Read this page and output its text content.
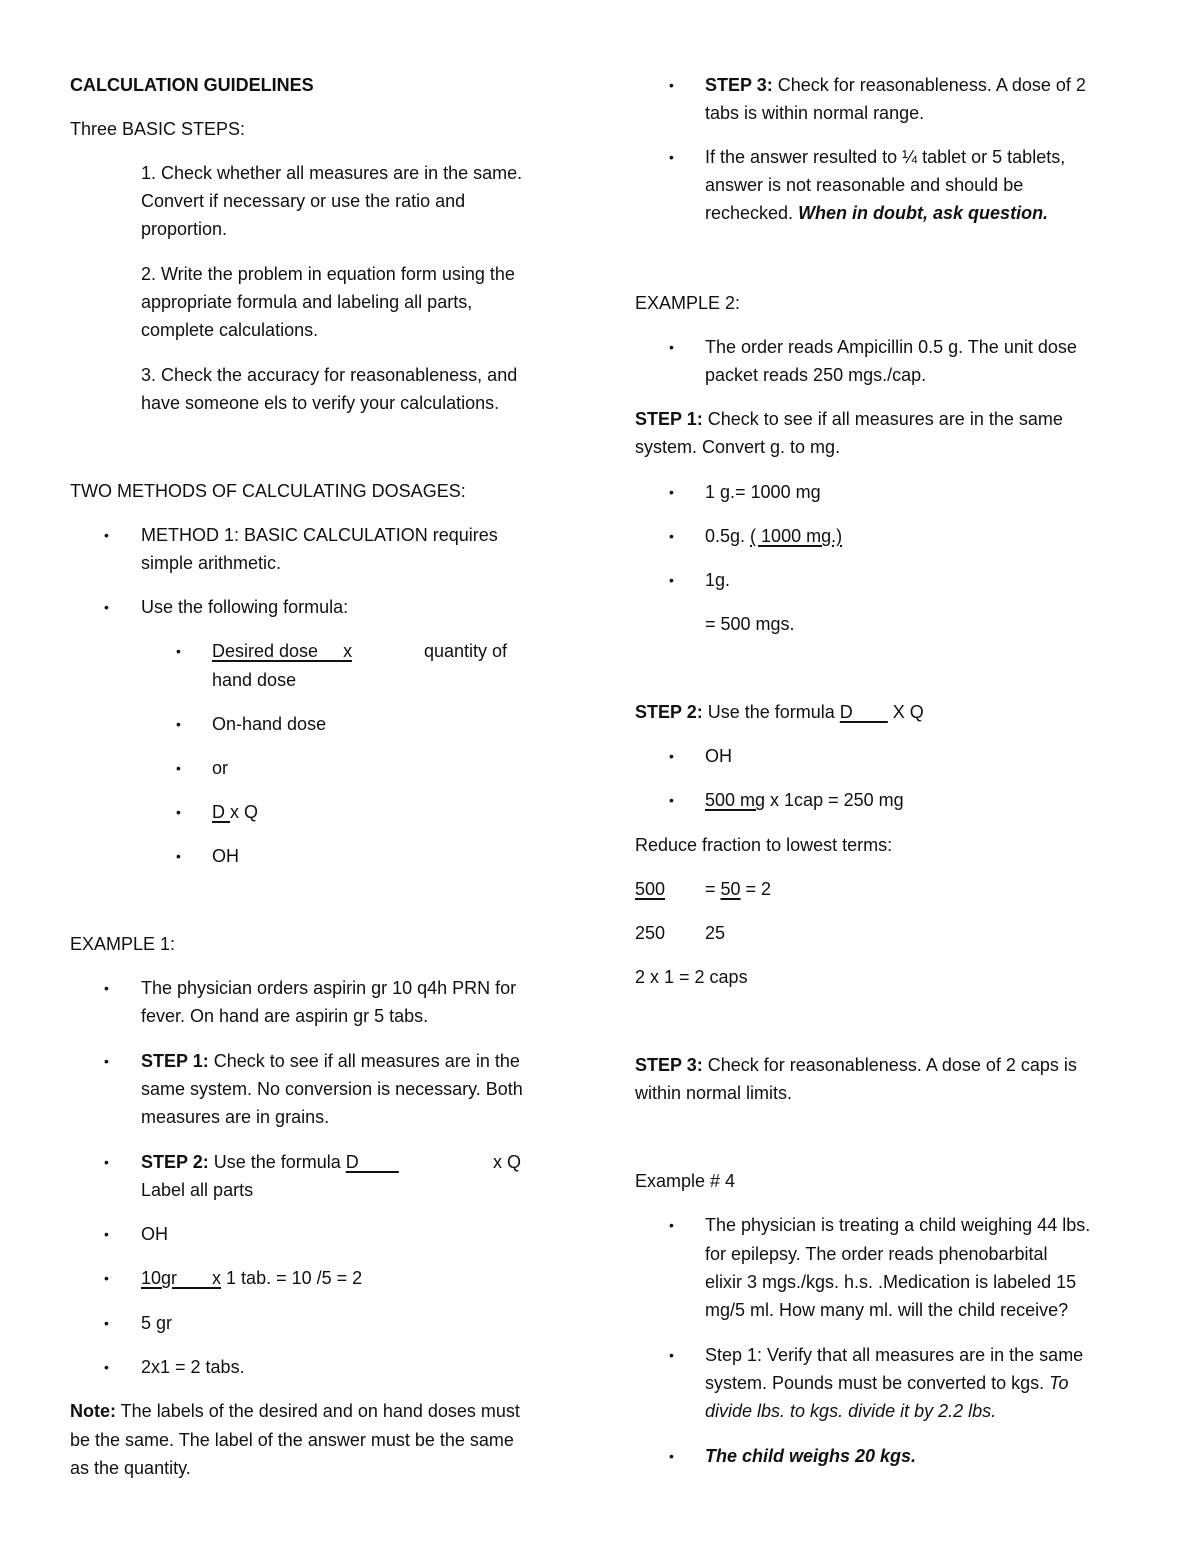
CALCULATION GUIDELINES
Three BASIC STEPS:
1. Check whether all measures are in the same.
Convert if necessary or use the ratio and
proportion.
2. Write the problem in equation form using the
appropriate formula and labeling all parts,
complete calculations.
3. Check the accuracy for reasonableness, and
have someone els to verify your calculations.
TWO METHODS OF CALCULATING DOSAGES:
• METHOD 1: BASIC CALCULATION requires
simple arithmetic.
• Use the following formula:
• Desired dose     x	quantity of
hand dose
• On-hand dose
• or
• D x Q
• OH
EXAMPLE 1:
• The physician orders aspirin gr 10 q4h PRN for
fever. On hand are aspirin gr 5 tabs.
• STEP 1: Check to see if all measures are in the
same system. No conversion is necessary. Both
measures are in grains.
• STEP 2: Use the formula D	x Q
Label all parts
• OH
• 10gr       x 1 tab. = 10 /5 = 2
• 5 gr
• 2x1 = 2 tabs.
Note: The labels of the desired and on hand doses must
be the same. The label of the answer must be the same
as the quantity.
• STEP 3: Check for reasonableness. A dose of 2
tabs is within normal range.
• If the answer resulted to ¼ tablet or 5 tablets,
answer is not reasonable and should be
rechecked. When in doubt, ask question.
EXAMPLE 2:
• The order reads Ampicillin 0.5 g. The unit dose
packet reads 250 mgs./cap.
STEP 1: Check to see if all measures are in the same
system. Convert g. to mg.
• 1 g.= 1000 mg
• 0.5g. ( 1000 mg.)
• 1g.
= 500 mgs.
STEP 2: Use the formula D        X Q
• OH
• 500 mg x 1cap = 250 mg
Reduce fraction to lowest terms:
500 = 50 = 2
250 25
2 x 1 = 2 caps
STEP 3: Check for reasonableness. A dose of 2 caps is
within normal limits.
Example # 4
• The physician is treating a child weighing 44 lbs.
for epilepsy. The order reads phenobarbital
elixir 3 mgs./kgs. h.s. .Medication is labeled 15
mg/5 ml. How many ml. will the child receive?
• Step 1: Verify that all measures are in the same
system. Pounds must be converted to kgs. To
divide lbs. to kgs. divide it by 2.2 lbs.
• The child weighs 20 kgs.
